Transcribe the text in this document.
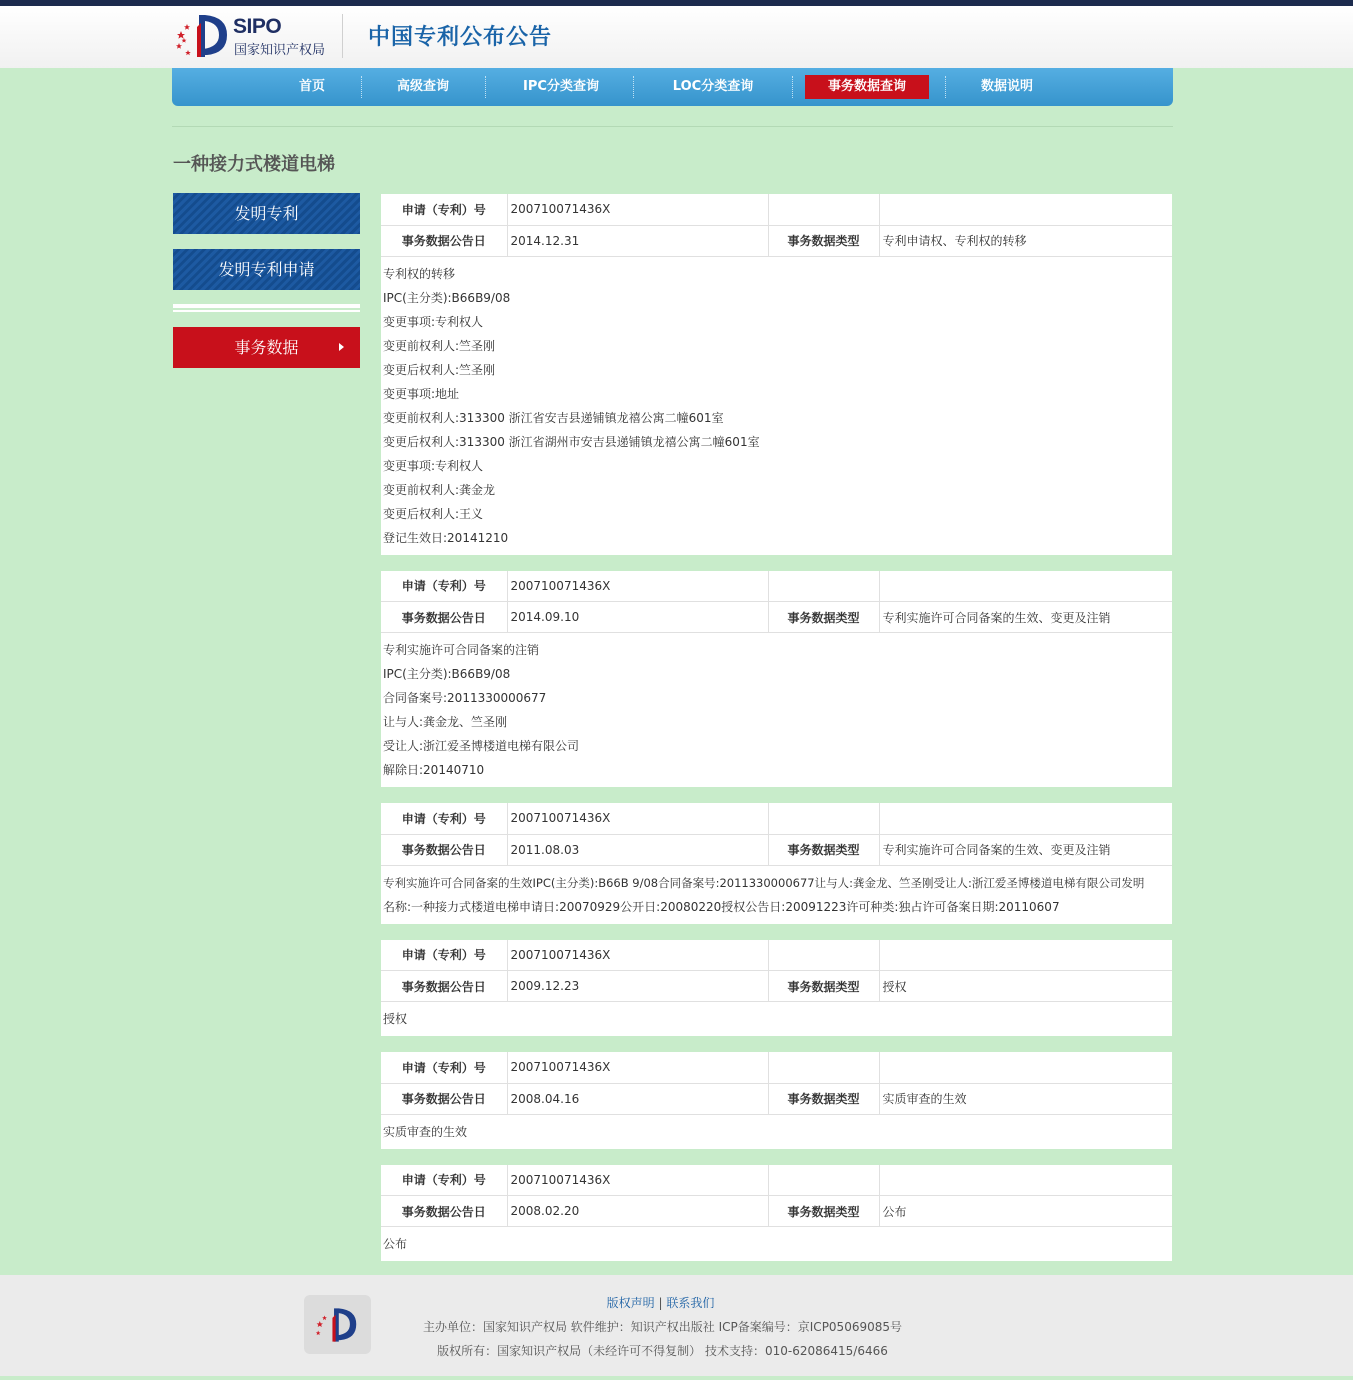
SIPO
国家知识产权局
中国专利公布公告
首页	高级查询	IPC分类查询	LOC分类查询	事务数据查询	数据说明
一种接力式楼道电梯
发明专利
发明专利申请
事务数据
申请（专利）号	200710071436X		
事务数据公告日	2014.12.31	事务数据类型	专利申请权、专利权的转移
专利权的转移
IPC(主分类):B66B9/08
变更事项:专利权人
变更前权利人:竺圣刚
变更后权利人:竺圣刚
变更事项:地址
变更前权利人:313300 浙江省安吉县递铺镇龙禧公寓二幢601室
变更后权利人:313300 浙江省湖州市安吉县递铺镇龙禧公寓二幢601室
变更事项:专利权人
变更前权利人:龚金龙
变更后权利人:王义
登记生效日:20141210
申请（专利）号	200710071436X		
事务数据公告日	2014.09.10	事务数据类型	专利实施许可合同备案的生效、变更及注销
专利实施许可合同备案的注销
IPC(主分类):B66B9/08
合同备案号:2011330000677
让与人:龚金龙、竺圣刚
受让人:浙江爱圣博楼道电梯有限公司
解除日:20140710
申请（专利）号	200710071436X		
事务数据公告日	2011.08.03	事务数据类型	专利实施许可合同备案的生效、变更及注销
专利实施许可合同备案的生效IPC(主分类):B66B 9/08合同备案号:2011330000677让与人:龚金龙、竺圣刚受让人:浙江爱圣博楼道电梯有限公司发明
名称:一种接力式楼道电梯申请日:20070929公开日:20080220授权公告日:20091223许可种类:独占许可备案日期:20110607
申请（专利）号	200710071436X		
事务数据公告日	2009.12.23	事务数据类型	授权
授权
申请（专利）号	200710071436X		
事务数据公告日	2008.04.16	事务数据类型	实质审查的生效
实质审查的生效
申请（专利）号	200710071436X		
事务数据公告日	2008.02.20	事务数据类型	公布
公布
版权声明 | 联系我们
主办单位：国家知识产权局 软件维护：知识产权出版社 ICP备案编号：京ICP05069085号
版权所有：国家知识产权局（未经许可不得复制） 技术支持：010-62086415/6466
